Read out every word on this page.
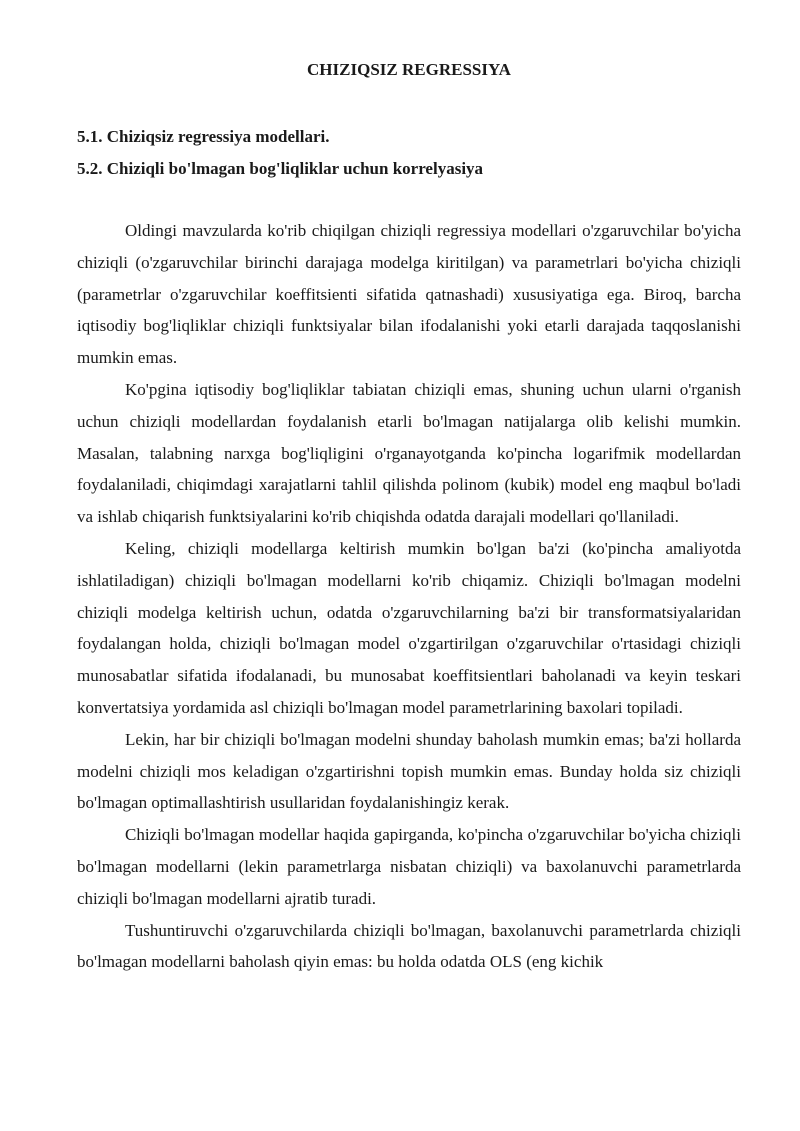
CHIZIQSIZ REGRESSIYA
5.1. Chiziqsiz regressiya modellari.
5.2. Chiziqli bo'lmagan bog'liqliklar uchun korrelyasiya

Oldingi mavzularda ko'rib chiqilgan chiziqli regressiya modellari o'zgaruvchilar bo'yicha chiziqli (o'zgaruvchilar birinchi darajaga modelga kiritilgan) va parametrlari bo'yicha chiziqli (parametrlar o'zgaruvchilar koeffitsienti sifatida qatnashadi) xususiyatiga ega. Biroq, barcha iqtisodiy bog'liqliklar chiziqli funktsiyalar bilan ifodalanishi yoki etarli darajada taqqoslanishi mumkin emas.

Ko'pgina iqtisodiy bog'liqliklar tabiatan chiziqli emas, shuning uchun ularni o'rganish uchun chiziqli modellardan foydalanish etarli bo'lmagan natijalarga olib kelishi mumkin. Masalan, talabning narxga bog'liqligini o'rganayotganda ko'pincha logarifmik modellardan foydalaniladi, chiqimdagi xarajatlarni tahlil qilishda polinom (kubik) model eng maqbul bo'ladi va ishlab chiqarish funktsiyalarini ko'rib chiqishda odatda darajali modellari qo'llaniladi.

Keling, chiziqli modellarga keltirish mumkin bo'lgan ba'zi (ko'pincha amaliyotda ishlatiladigan) chiziqli bo'lmagan modellarni ko'rib chiqamiz. Chiziqli bo'lmagan modelni chiziqli modelga keltirish uchun, odatda o'zgaruvchilarning ba'zi bir transformatsiyalaridan foydalangan holda, chiziqli bo'lmagan model o'zgartirilgan o'zgaruvchilar o'rtasidagi chiziqli munosabatlar sifatida ifodalanadi, bu munosabat koeffitsientlari baholanadi va keyin teskari konvertatsiya yordamida asl chiziqli bo'lmagan model parametrlarining baxolari topiladi.

Lekin, har bir chiziqli bo'lmagan modelni shunday baholash mumkin emas; ba'zi hollarda modelni chiziqli mos keladigan o'zgartirishni topish mumkin emas. Bunday holda siz chiziqli bo'lmagan optimallashtirish usullaridan foydalanishingiz kerak.

Chiziqli bo'lmagan modellar haqida gapirganda, ko'pincha o'zgaruvchilar bo'yicha chiziqli bo'lmagan modellarni (lekin parametrlarga nisbatan chiziqli) va baxolanuvchi parametrlarda chiziqli bo'lmagan modellarni ajratib turadi.

Tushuntiruvchi o'zgaruvchilarda chiziqli bo'lmagan, baxolanuvchi parametrlarda chiziqli bo'lmagan modellarni baholash qiyin emas: bu holda odatda OLS (eng kichik
